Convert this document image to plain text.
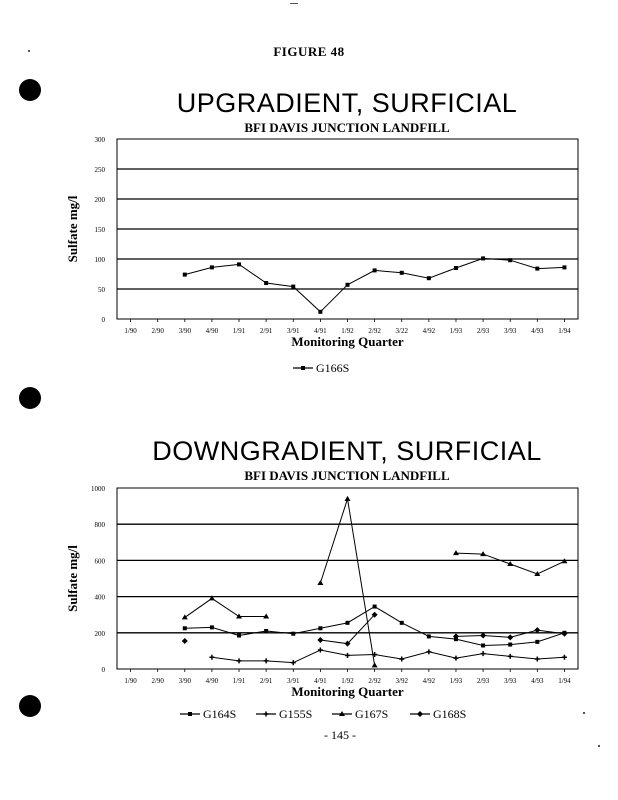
FIGURE 48
UPGRADIENT, SURFICIAL
BFI DAVIS JUNCTION LANDFILL
0
50
100
150
200
250
300
1/90 2/90 3/90 4/90 1/91 2/91 3/91 4/91 1/92 2/92 3/22 4/92 1/93 2/93 3/93 4/93 1/94
Monitoring Quarter
Sulfate mg/l
G166S
DOWNGRADIENT, SURFICIAL
BFI DAVIS JUNCTION LANDFILL
0
200
400
600
800
1000
1/90 2/90 3/90 4/90 1/91 2/91 3/91 4/91 1/92 2/92 3/92 4/92 1/93 2/93 3/93 4/93 1/94
Monitoring Quarter
Sulfate mg/l
G164S	G155S	G167S	G168S
- 145 -
